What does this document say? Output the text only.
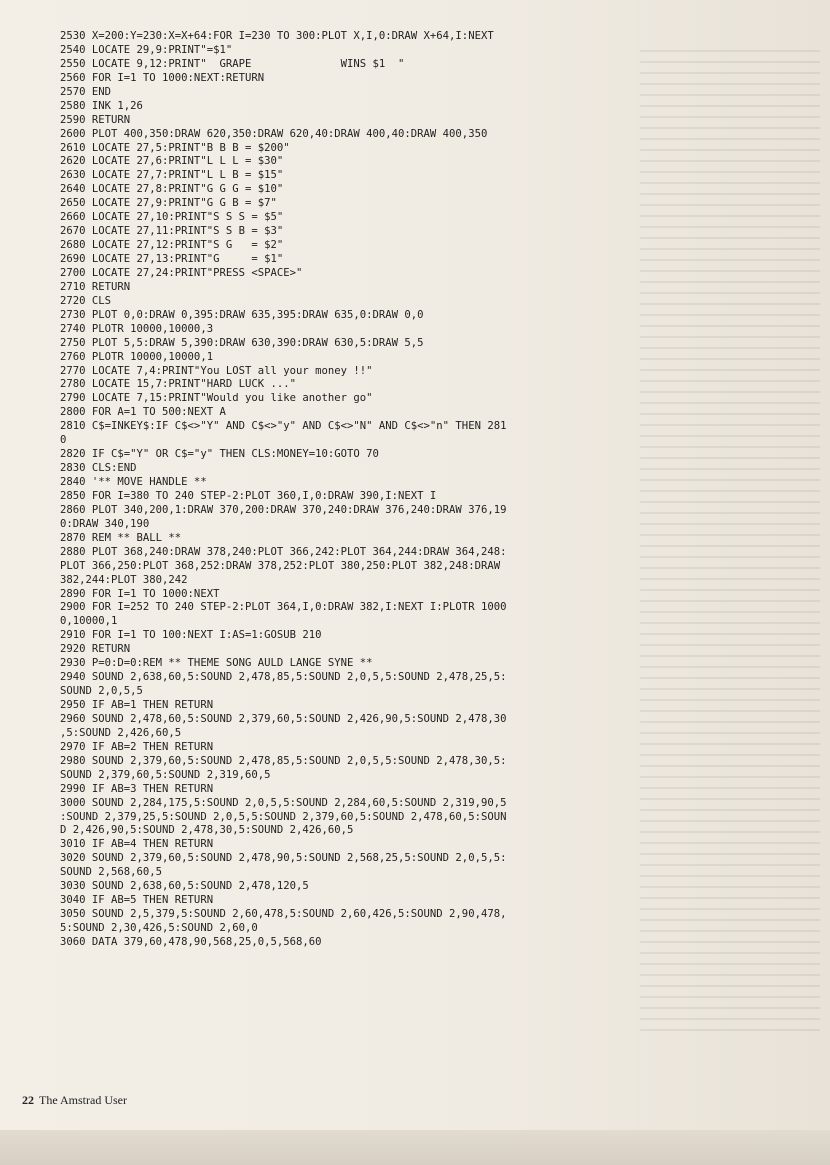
2530 X=200:Y=230:X=X+64:FOR I=230 TO 300:PLOT X,I,0:DRAW X+64,I:NEXT
2540 LOCATE 29,9:PRINT"=$1"
2550 LOCATE 9,12:PRINT"  GRAPE              WINS $1  "
2560 FOR I=1 TO 1000:NEXT:RETURN
2570 END
2580 INK 1,26
2590 RETURN
2600 PLOT 400,350:DRAW 620,350:DRAW 620,40:DRAW 400,40:DRAW 400,350
2610 LOCATE 27,5:PRINT"B B B = $200"
2620 LOCATE 27,6:PRINT"L L L = $30"
2630 LOCATE 27,7:PRINT"L L B = $15"
2640 LOCATE 27,8:PRINT"G G G = $10"
2650 LOCATE 27,9:PRINT"G G B = $7"
2660 LOCATE 27,10:PRINT"S S S = $5"
2670 LOCATE 27,11:PRINT"S S B = $3"
2680 LOCATE 27,12:PRINT"S G   = $2"
2690 LOCATE 27,13:PRINT"G     = $1"
2700 LOCATE 27,24:PRINT"PRESS <SPACE>"
2710 RETURN
2720 CLS
2730 PLOT 0,0:DRAW 0,395:DRAW 635,395:DRAW 635,0:DRAW 0,0
2740 PLOTR 10000,10000,3
2750 PLOT 5,5:DRAW 5,390:DRAW 630,390:DRAW 630,5:DRAW 5,5
2760 PLOTR 10000,10000,1
2770 LOCATE 7,4:PRINT"You LOST all your money !!"
2780 LOCATE 15,7:PRINT"HARD LUCK ..."
2790 LOCATE 7,15:PRINT"Would you like another go"
2800 FOR A=1 TO 500:NEXT A
2810 C$=INKEY$:IF C$<>"Y" AND C$<>"y" AND C$<>"N" AND C$<>"n" THEN 281
0
2820 IF C$="Y" OR C$="y" THEN CLS:MONEY=10:GOTO 70
2830 CLS:END
2840 '** MOVE HANDLE **
2850 FOR I=380 TO 240 STEP-2:PLOT 360,I,0:DRAW 390,I:NEXT I
2860 PLOT 340,200,1:DRAW 370,200:DRAW 370,240:DRAW 376,240:DRAW 376,19
0:DRAW 340,190
2870 REM ** BALL **
2880 PLOT 368,240:DRAW 378,240:PLOT 366,242:PLOT 364,244:DRAW 364,248:
PLOT 366,250:PLOT 368,252:DRAW 378,252:PLOT 380,250:PLOT 382,248:DRAW
382,244:PLOT 380,242
2890 FOR I=1 TO 1000:NEXT
2900 FOR I=252 TO 240 STEP-2:PLOT 364,I,0:DRAW 382,I:NEXT I:PLOTR 1000
0,10000,1
2910 FOR I=1 TO 100:NEXT I:AS=1:GOSUB 210
2920 RETURN
2930 P=0:D=0:REM ** THEME SONG AULD LANGE SYNE **
2940 SOUND 2,638,60,5:SOUND 2,478,85,5:SOUND 2,0,5,5:SOUND 2,478,25,5:
SOUND 2,0,5,5
2950 IF AB=1 THEN RETURN
2960 SOUND 2,478,60,5:SOUND 2,379,60,5:SOUND 2,426,90,5:SOUND 2,478,30
,5:SOUND 2,426,60,5
2970 IF AB=2 THEN RETURN
2980 SOUND 2,379,60,5:SOUND 2,478,85,5:SOUND 2,0,5,5:SOUND 2,478,30,5:
SOUND 2,379,60,5:SOUND 2,319,60,5
2990 IF AB=3 THEN RETURN
3000 SOUND 2,284,175,5:SOUND 2,0,5,5:SOUND 2,284,60,5:SOUND 2,319,90,5
:SOUND 2,379,25,5:SOUND 2,0,5,5:SOUND 2,379,60,5:SOUND 2,478,60,5:SOUN
D 2,426,90,5:SOUND 2,478,30,5:SOUND 2,426,60,5
3010 IF AB=4 THEN RETURN
3020 SOUND 2,379,60,5:SOUND 2,478,90,5:SOUND 2,568,25,5:SOUND 2,0,5,5:
SOUND 2,568,60,5
3030 SOUND 2,638,60,5:SOUND 2,478,120,5
3040 IF AB=5 THEN RETURN
3050 SOUND 2,5,379,5:SOUND 2,60,478,5:SOUND 2,60,426,5:SOUND 2,90,478,
5:SOUND 2,30,426,5:SOUND 2,60,0
3060 DATA 379,60,478,90,568,25,0,5,568,60
22 The Amstrad User
